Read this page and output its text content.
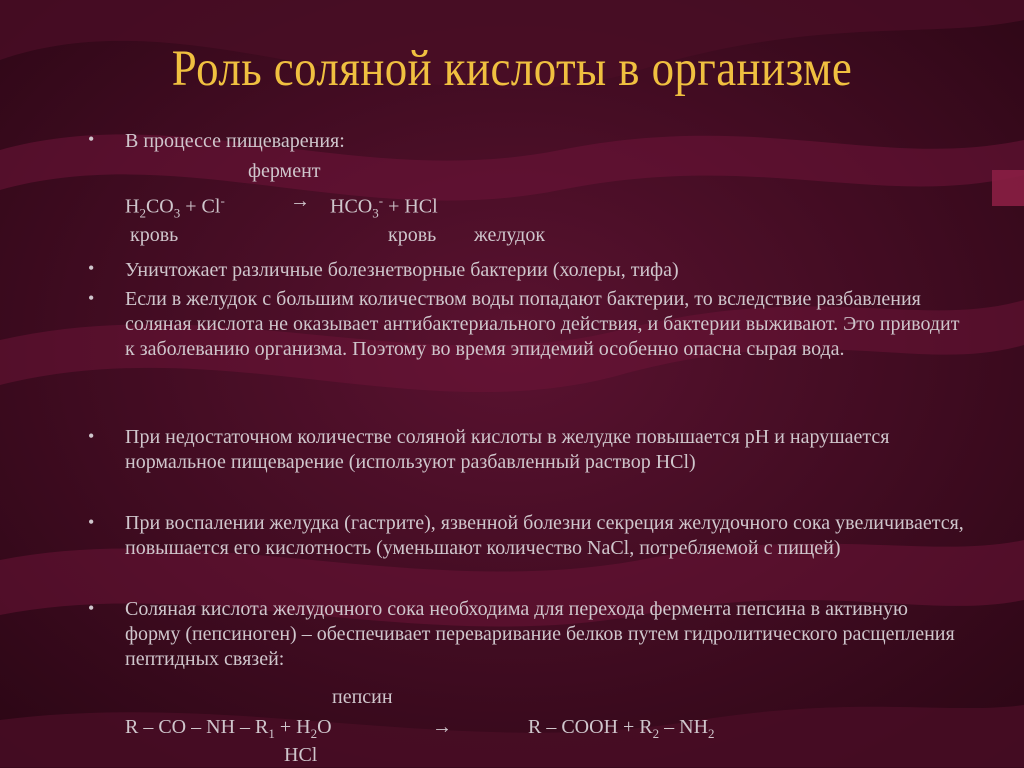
Роль соляной кислоты в организме
• В процессе пищеварения:
фермент
$H_2CO_3 + Cl^-$	→ $HCO_3^-$ + HCl
кровь	кровь желудок
• Уничтожает различные болезнетворные бактерии (холеры, тифа)
• Если в желудок с большим количеством воды попадают бактерии, то вследствие разбавления соляная кислота не оказывает антибактериального действия, и бактерии выживают. Это приводит к заболеванию организма. Поэтому во время эпидемий особенно опасна сырая вода.
• При недостаточном количестве соляной кислоты в желудке повышается pH и нарушается нормальное пищеварение (используют разбавленный раствор HCl)
• При воспалении желудка (гастрите), язвенной болезни секреция желудочного сока увеличивается, повышается его кислотность (уменьшают количество NaCl, потребляемой с пищей)
• Соляная кислота желудочного сока необходима для перехода фермента пепсина в активную форму (пепсиноген) – обеспечивает переваривание белков путем гидролитического расщепления пептидных связей:
пепсин
R – CO – NH – $R_1 + H_2O$	→	R – COOH + $R_2 - NH_2$
HCl
